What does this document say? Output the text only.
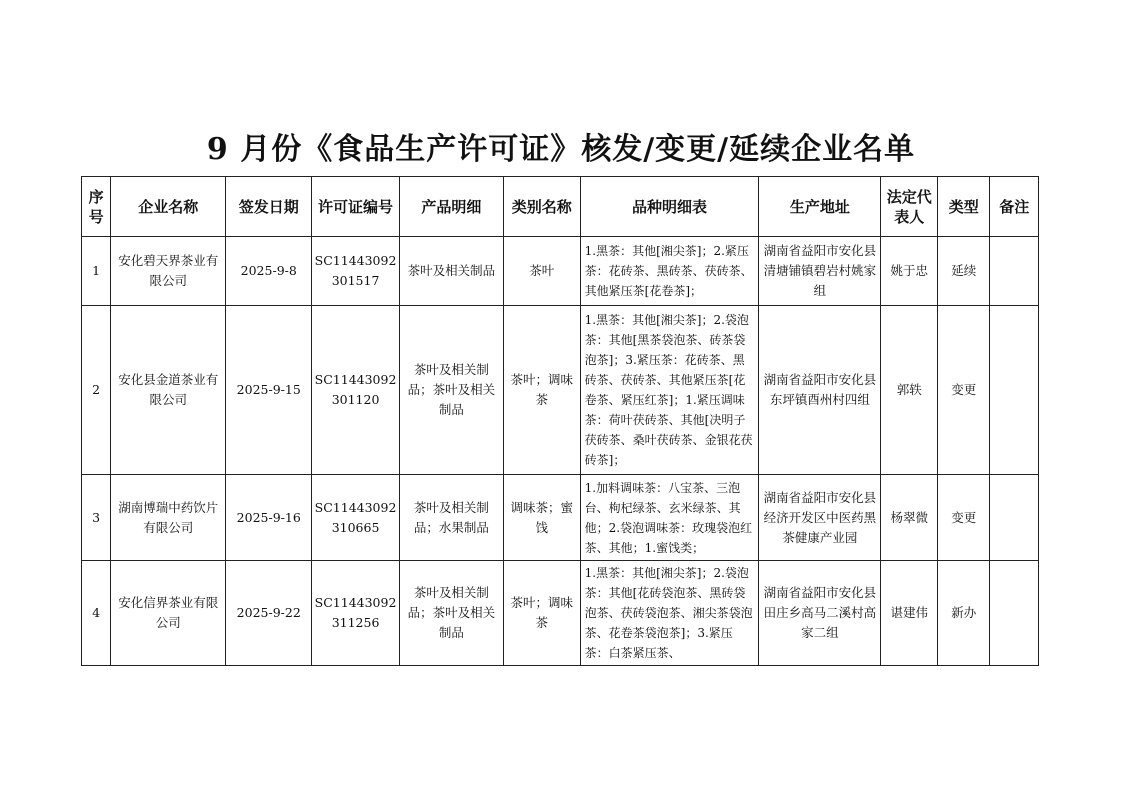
9 月份《食品生产许可证》核发/变更/延续企业名单
序号	企业名称	签发日期	许可证编号	产品明细	类别名称	品种明细表	生产地址	法定代表人	类型	备注
1	安化碧天界茶业有限公司	2025-9-8	SC11443092301517	茶叶及相关制品	茶叶	1.黑茶：其他[湘尖茶]；2.紧压茶：花砖茶、黑砖茶、茯砖茶、其他紧压茶[花卷茶]；	湖南省益阳市安化县清塘铺镇碧岩村姚家组	姚于忠	延续	
2	安化县金道茶业有限公司	2025-9-15	SC11443092301120	茶叶及相关制品；茶叶及相关制品	茶叶；调味茶	1.黑茶：其他[湘尖茶]；2.袋泡茶：其他[黑茶袋泡茶、砖茶袋泡茶]；3.紧压茶：花砖茶、黑砖茶、茯砖茶、其他紧压茶[花卷茶、紧压红茶]；1.紧压调味茶：荷叶茯砖茶、其他[决明子茯砖茶、桑叶茯砖茶、金银花茯砖茶]；	湖南省益阳市安化县东坪镇酉州村四组	郭轶	变更	
3	湖南博瑞中药饮片有限公司	2025-9-16	SC11443092310665	茶叶及相关制品；水果制品	调味茶；蜜饯	1.加料调味茶：八宝茶、三泡台、枸杞绿茶、玄米绿茶、其他；2.袋泡调味茶：玫瑰袋泡红茶、其他；1.蜜饯类；	湖南省益阳市安化县经济开发区中医药黑茶健康产业园	杨翠微	变更	
4	安化信界茶业有限公司	2025-9-22	SC11443092311256	茶叶及相关制品；茶叶及相关制品	茶叶；调味茶	1.黑茶：其他[湘尖茶]；2.袋泡茶：其他[花砖袋泡茶、黑砖袋泡茶、茯砖袋泡茶、湘尖茶袋泡茶、花卷茶袋泡茶]；3.紧压茶：白茶紧压茶、	湖南省益阳市安化县田庄乡高马二溪村高家二组	谌建伟	新办	
